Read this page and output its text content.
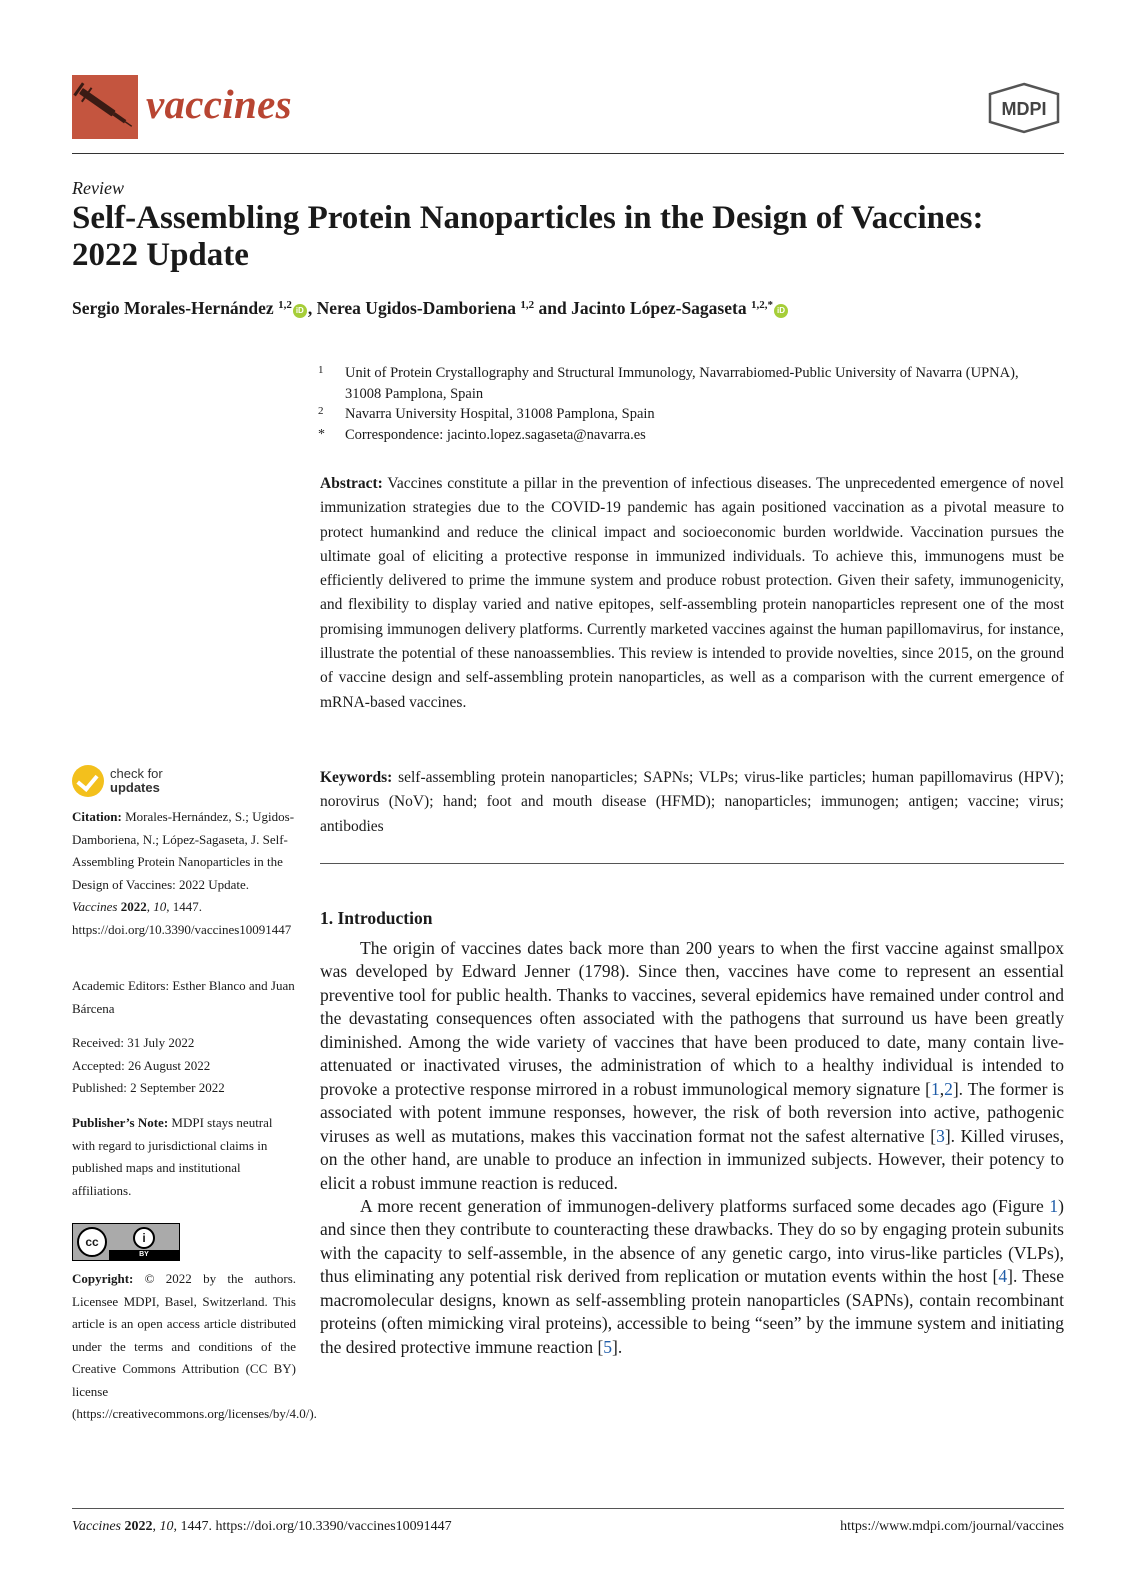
vaccines	MDPI
Review
Self-Assembling Protein Nanoparticles in the Design of Vaccines: 2022 Update
Sergio Morales-Hernández $^{1,2}$ iD , Nerea Ugidos-Damboriena $^{1,2}$ and Jacinto López-Sagaseta $^{1,2,*}$ iD
1 Unit of Protein Crystallography and Structural Immunology, Navarrabiomed-Public University of Navarra (UPNA), 31008 Pamplona, Spain
2 Navarra University Hospital, 31008 Pamplona, Spain
* Correspondence: jacinto.lopez.sagaseta@navarra.es
Abstract: Vaccines constitute a pillar in the prevention of infectious diseases. The unprecedented emergence of novel immunization strategies due to the COVID-19 pandemic has again positioned vaccination as a pivotal measure to protect humankind and reduce the clinical impact and socioeconomic burden worldwide. Vaccination pursues the ultimate goal of eliciting a protective response in immunized individuals. To achieve this, immunogens must be efficiently delivered to prime the immune system and produce robust protection. Given their safety, immunogenicity, and flexibility to display varied and native epitopes, self-assembling protein nanoparticles represent one of the most promising immunogen delivery platforms. Currently marketed vaccines against the human papillomavirus, for instance, illustrate the potential of these nanoassemblies. This review is intended to provide novelties, since 2015, on the ground of vaccine design and self-assembling protein nanoparticles, as well as a comparison with the current emergence of mRNA-based vaccines.
Keywords: self-assembling protein nanoparticles; SAPNs; VLPs; virus-like particles; human papillomavirus (HPV); norovirus (NoV); hand; foot and mouth disease (HFMD); nanoparticles; immunogen; antigen; vaccine; virus; antibodies
1. Introduction

The origin of vaccines dates back more than 200 years to when the first vaccine against smallpox was developed by Edward Jenner (1798). Since then, vaccines have come to represent an essential preventive tool for public health. Thanks to vaccines, several epidemics have remained under control and the devastating consequences often associated with the pathogens that surround us have been greatly diminished. Among the wide variety of vaccines that have been produced to date, many contain live-attenuated or inactivated viruses, the administration of which to a healthy individual is intended to provoke a protective response mirrored in a robust immunological memory signature [1,2]. The former is associated with potent immune responses, however, the risk of both reversion into active, pathogenic viruses as well as mutations, makes this vaccination format not the safest alternative [3]. Killed viruses, on the other hand, are unable to produce an infection in immunized subjects. However, their potency to elicit a robust immune reaction is reduced.

A more recent generation of immunogen-delivery platforms surfaced some decades ago (Figure 1) and since then they contribute to counteracting these drawbacks. They do so by engaging protein subunits with the capacity to self-assemble, in the absence of any genetic cargo, into virus-like particles (VLPs), thus eliminating any potential risk derived from replication or mutation events within the host [4]. These macromolecular designs, known as self-assembling protein nanoparticles (SAPNs), contain recombinant proteins (often mimicking viral proteins), accessible to being “seen” by the immune system and initiating the desired protective immune reaction [5].

check for
updates
Citation: Morales-Hernández, S.; Ugidos-Damboriena, N.; López-Sagaseta, J. Self-Assembling Protein Nanoparticles in the Design of Vaccines: 2022 Update. Vaccines 2022, 10, 1447. https://doi.org/10.3390/vaccines10091447
Academic Editors: Esther Blanco and Juan Bárcena
Received: 31 July 2022
Accepted: 26 August 2022
Published: 2 September 2022
Publisher’s Note: MDPI stays neutral with regard to jurisdictional claims in published maps and institutional affiliations.
cc	i
BY
Copyright: © 2022 by the authors. Licensee MDPI, Basel, Switzerland. This article is an open access article distributed under the terms and conditions of the Creative Commons Attribution (CC BY) license (https://creativecommons.org/licenses/by/4.0/).
Vaccines 2022, 10, 1447. https://doi.org/10.3390/vaccines10091447	https://www.mdpi.com/journal/vaccines
